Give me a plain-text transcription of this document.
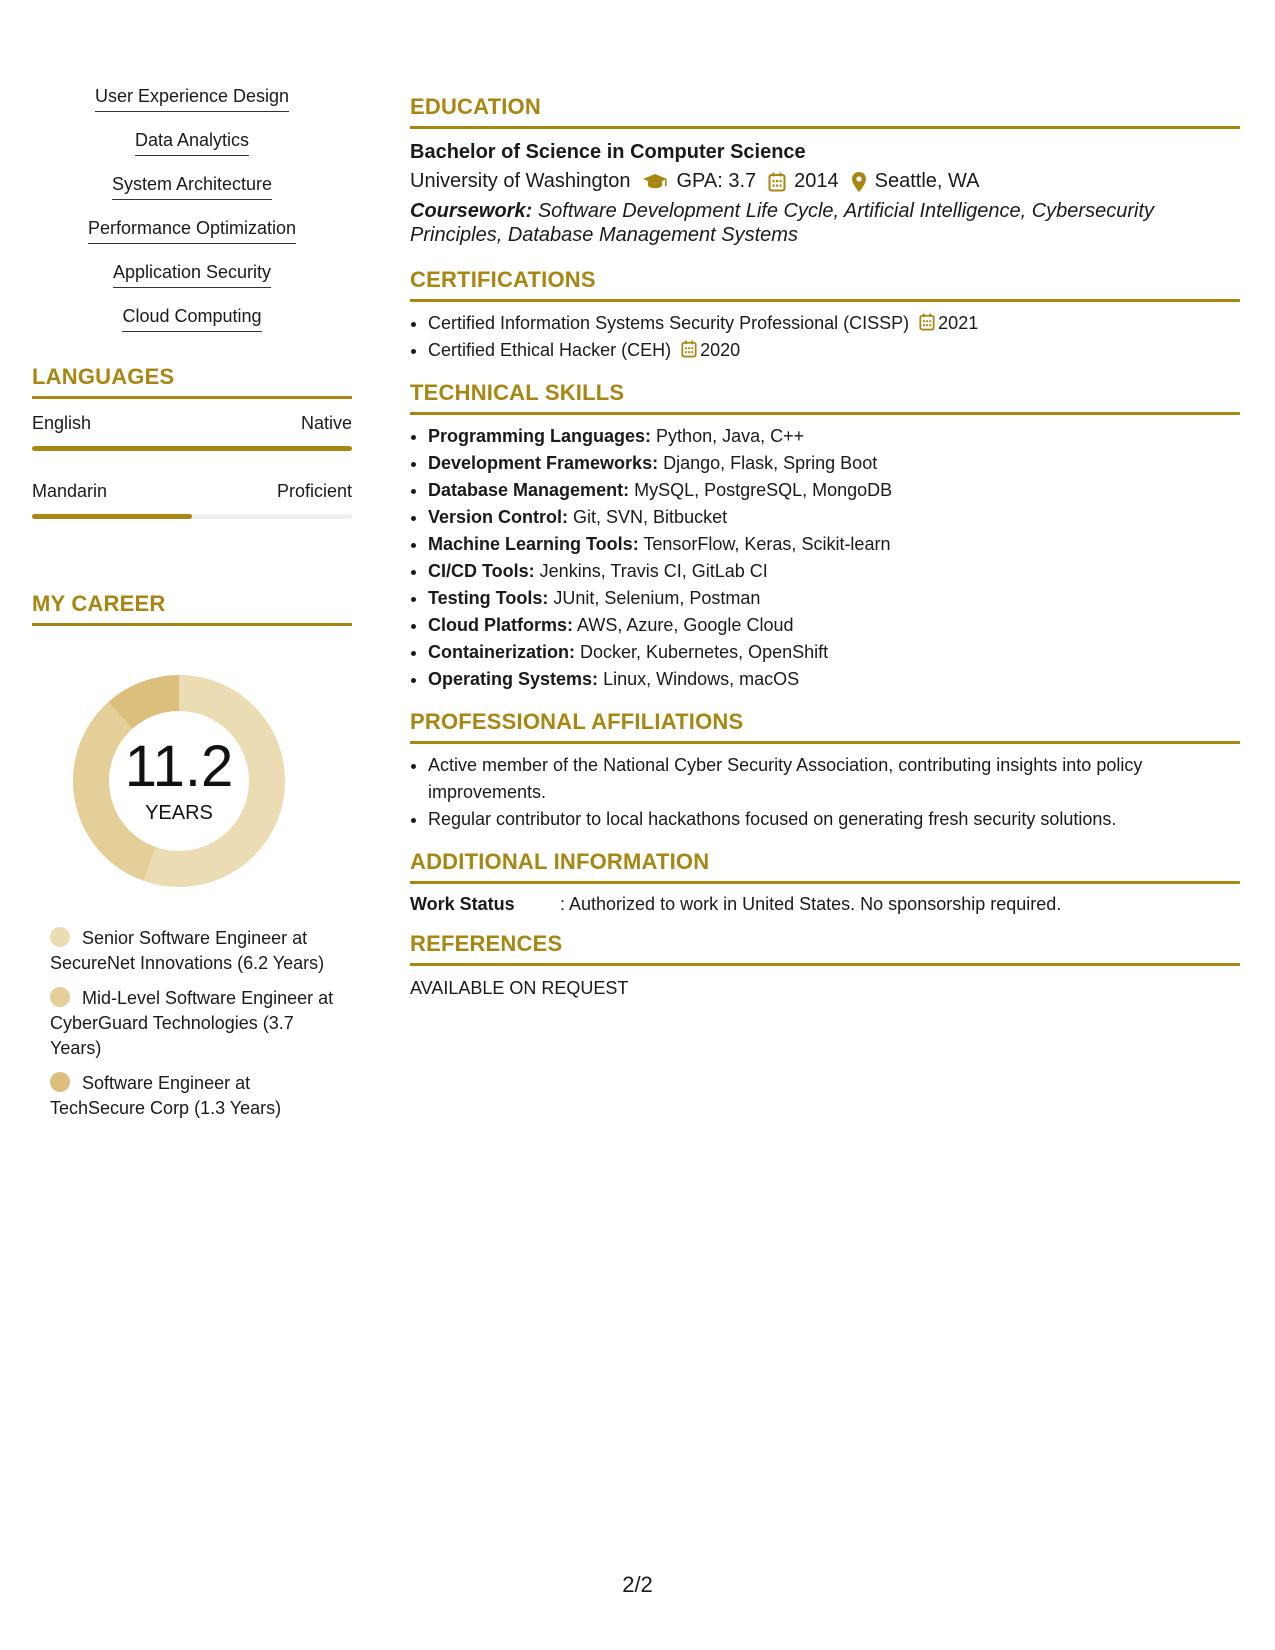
User Experience Design
Data Analytics
System Architecture
Performance Optimization
Application Security
Cloud Computing
LANGUAGES
English	Native
Mandarin	Proficient
MY CAREER
11.2
YEARS
Senior Software Engineer at SecureNet Innovations (6.2 Years)
Mid-Level Software Engineer at CyberGuard Technologies (3.7 Years)
Software Engineer at TechSecure Corp (1.3 Years)
EDUCATION
Bachelor of Science in Computer Science
University of Washington GPA: 3.7 2014 Seattle, WA
Coursework: Software Development Life Cycle, Artificial Intelligence, Cybersecurity Principles, Database Management Systems
CERTIFICATIONS
• Certified Information Systems Security Professional (CISSP) 2021
• Certified Ethical Hacker (CEH) 2020
TECHNICAL SKILLS
• Programming Languages: Python, Java, C++
• Development Frameworks: Django, Flask, Spring Boot
• Database Management: MySQL, PostgreSQL, MongoDB
• Version Control: Git, SVN, Bitbucket
• Machine Learning Tools: TensorFlow, Keras, Scikit-learn
• CI/CD Tools: Jenkins, Travis CI, GitLab CI
• Testing Tools: JUnit, Selenium, Postman
• Cloud Platforms: AWS, Azure, Google Cloud
• Containerization: Docker, Kubernetes, OpenShift
• Operating Systems: Linux, Windows, macOS
PROFESSIONAL AFFILIATIONS
• Active member of the National Cyber Security Association, contributing insights into policy improvements.
• Regular contributor to local hackathons focused on generating fresh security solutions.
ADDITIONAL INFORMATION
Work Status	: Authorized to work in United States. No sponsorship required.
REFERENCES
AVAILABLE ON REQUEST
2/2
